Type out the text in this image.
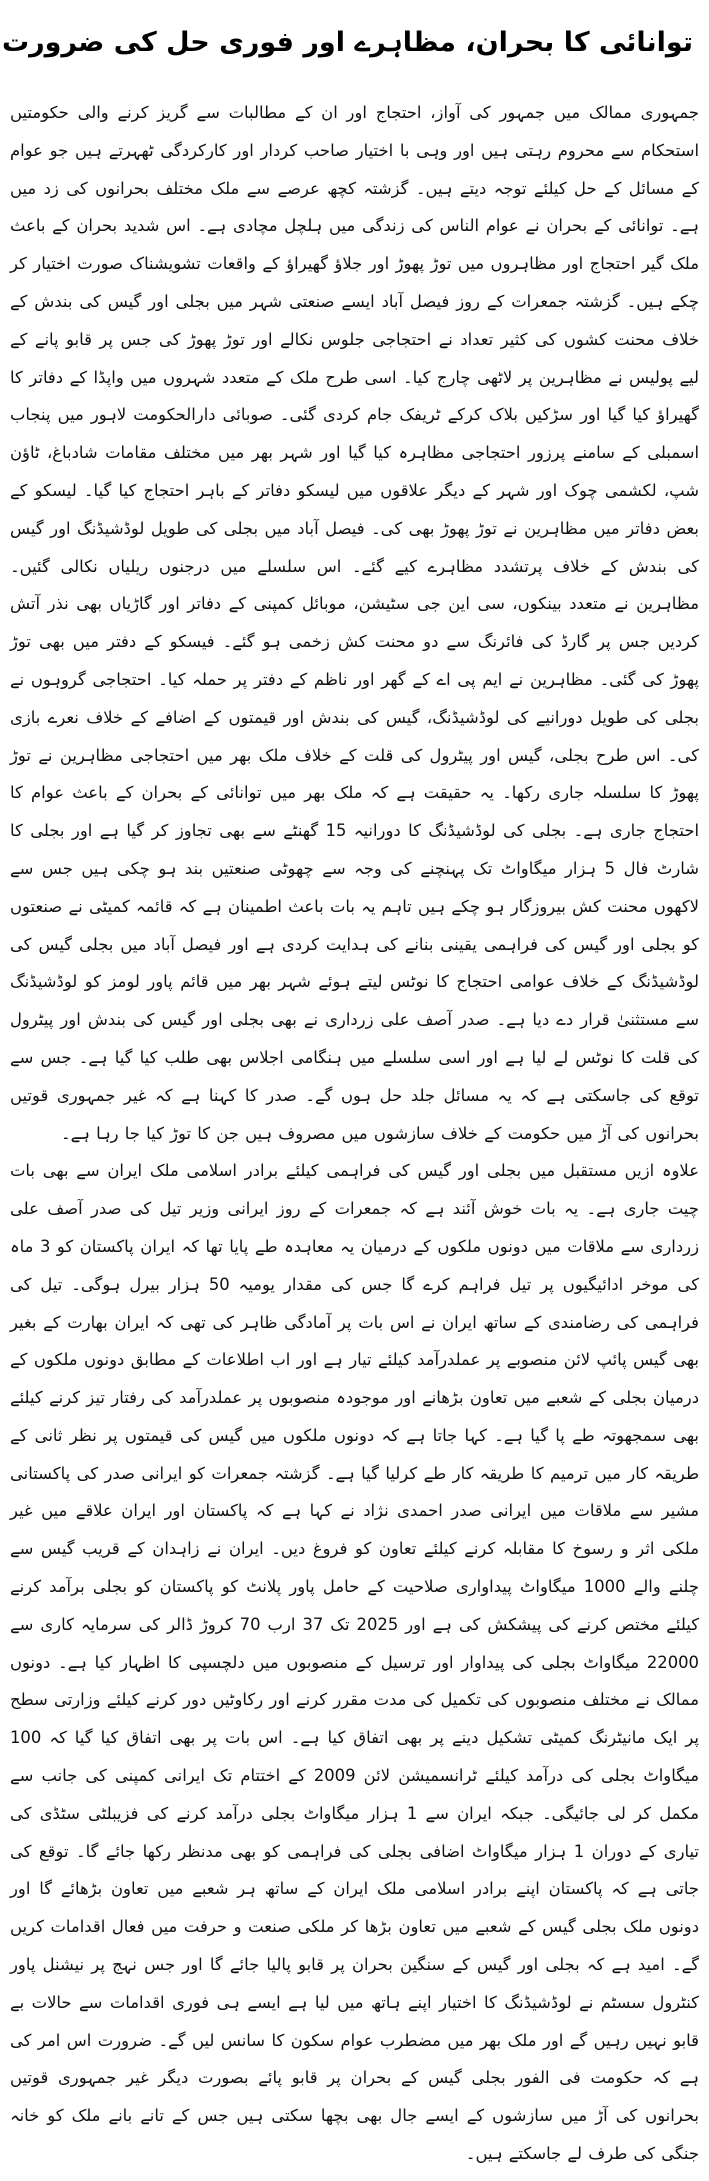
توانائی کا بحران، مظاہرے اور فوری حل کی ضرورت

جمہوری ممالک میں جمہور کی آواز، احتجاج اور ان کے مطالبات سے گریز کرنے والی حکومتیں استحکام سے محروم رہتی ہیں اور وہی با اختیار صاحب کردار اور کارکردگی ٹھہرتے ہیں جو عوام کے مسائل کے حل کیلئے توجہ دیتے ہیں۔ گزشتہ کچھ عرصے سے ملک مختلف بحرانوں کی زد میں ہے۔ توانائی کے بحران نے عوام الناس کی زندگی میں ہلچل مچادی ہے۔ اس شدید بحران کے باعث ملک گیر احتجاج اور مظاہروں میں توڑ پھوڑ اور جلاؤ گھیراؤ کے واقعات تشویشناک صورت اختیار کر چکے ہیں۔ گزشتہ جمعرات کے روز فیصل آباد ایسے صنعتی شہر میں بجلی اور گیس کی بندش کے خلاف محنت کشوں کی کثیر تعداد نے احتجاجی جلوس نکالے اور توڑ پھوڑ کی جس پر قابو پانے کے لیے پولیس نے مظاہرین پر لاٹھی چارج کیا۔ اسی طرح ملک کے متعدد شہروں میں واپڈا کے دفاتر کا گھیراؤ کیا گیا اور سڑکیں بلاک کرکے ٹریفک جام کردی گئی۔ صوبائی دارالحکومت لاہور میں پنجاب اسمبلی کے سامنے پرزور احتجاجی مظاہرہ کیا گیا اور شہر بھر میں مختلف مقامات شادباغ، ٹاؤن شپ، لکشمی چوک اور شہر کے دیگر علاقوں میں لیسکو دفاتر کے باہر احتجاج کیا گیا۔ لیسکو کے بعض دفاتر میں مظاہرین نے توڑ پھوڑ بھی کی۔ فیصل آباد میں بجلی کی طویل لوڈشیڈنگ اور گیس کی بندش کے خلاف پرتشدد مظاہرے کیے گئے۔ اس سلسلے میں درجنوں ریلیاں نکالی گئیں۔ مظاہرین نے متعدد بینکوں، سی این جی سٹیشن، موبائل کمپنی کے دفاتر اور گاڑیاں بھی نذر آتش کردیں جس پر گارڈ کی فائرنگ سے دو محنت کش زخمی ہو گئے۔ فیسکو کے دفتر میں بھی توڑ پھوڑ کی گئی۔ مظاہرین نے ایم پی اے کے گھر اور ناظم کے دفتر پر حملہ کیا۔ احتجاجی گروہوں نے بجلی کی طویل دورانیے کی لوڈشیڈنگ، گیس کی بندش اور قیمتوں کے اضافے کے خلاف نعرے بازی کی۔ اس طرح بجلی، گیس اور پیٹرول کی قلت کے خلاف ملک بھر میں احتجاجی مظاہرین نے توڑ پھوڑ کا سلسلہ جاری رکھا۔ یہ حقیقت ہے کہ ملک بھر میں توانائی کے بحران کے باعث عوام کا احتجاج جاری ہے۔ بجلی کی لوڈشیڈنگ کا دورانیہ 15 گھنٹے سے بھی تجاوز کر گیا ہے اور بجلی کا شارٹ فال 5 ہزار میگاواٹ تک پہنچنے کی وجہ سے چھوٹی صنعتیں بند ہو چکی ہیں جس سے لاکھوں محنت کش بیروزگار ہو چکے ہیں تاہم یہ بات باعث اطمینان ہے کہ قائمہ کمیٹی نے صنعتوں کو بجلی اور گیس کی فراہمی یقینی بنانے کی ہدایت کردی ہے اور فیصل آباد میں بجلی گیس کی لوڈشیڈنگ کے خلاف عوامی احتجاج کا نوٹس لیتے ہوئے شہر بھر میں قائم پاور لومز کو لوڈشیڈنگ سے مستثنیٰ قرار دے دیا ہے۔ صدر آصف علی زرداری نے بھی بجلی اور گیس کی بندش اور پیٹرول کی قلت کا نوٹس لے لیا ہے اور اسی سلسلے میں ہنگامی اجلاس بھی طلب کیا گیا ہے۔ جس سے توقع کی جاسکتی ہے کہ یہ مسائل جلد حل ہوں گے۔ صدر کا کہنا ہے کہ غیر جمہوری قوتیں بحرانوں کی آڑ میں حکومت کے خلاف سازشوں میں مصروف ہیں جن کا توڑ کیا جا رہا ہے۔

علاوہ ازیں مستقبل میں بجلی اور گیس کی فراہمی کیلئے برادر اسلامی ملک ایران سے بھی بات چیت جاری ہے۔ یہ بات خوش آئند ہے کہ جمعرات کے روز ایرانی وزیر تیل کی صدر آصف علی زرداری سے ملاقات میں دونوں ملکوں کے درمیان یہ معاہدہ طے پایا تھا کہ ایران پاکستان کو 3 ماہ کی موخر ادائیگیوں پر تیل فراہم کرے گا جس کی مقدار یومیہ 50 ہزار بیرل ہوگی۔ تیل کی فراہمی کی رضامندی کے ساتھ ایران نے اس بات پر آمادگی ظاہر کی تھی کہ ایران بھارت کے بغیر بھی گیس پائپ لائن منصوبے پر عملدرآمد کیلئے تیار ہے اور اب اطلاعات کے مطابق دونوں ملکوں کے درمیان بجلی کے شعبے میں تعاون بڑھانے اور موجودہ منصوبوں پر عملدرآمد کی رفتار تیز کرنے کیلئے بھی سمجھوتہ طے پا گیا ہے۔ کہا جاتا ہے کہ دونوں ملکوں میں گیس کی قیمتوں پر نظر ثانی کے طریقہ کار میں ترمیم کا طریقہ کار طے کرلیا گیا ہے۔ گزشتہ جمعرات کو ایرانی صدر کی پاکستانی مشیر سے ملاقات میں ایرانی صدر احمدی نژاد نے کہا ہے کہ پاکستان اور ایران علاقے میں غیر ملکی اثر و رسوخ کا مقابلہ کرنے کیلئے تعاون کو فروغ دیں۔ ایران نے زاہدان کے قریب گیس سے چلنے والے 1000 میگاواٹ پیداواری صلاحیت کے حامل پاور پلانٹ کو پاکستان کو بجلی برآمد کرنے کیلئے مختص کرنے کی پیشکش کی ہے اور 2025 تک 37 ارب 70 کروڑ ڈالر کی سرمایہ کاری سے 22000 میگاواٹ بجلی کی پیداوار اور ترسیل کے منصوبوں میں دلچسپی کا اظہار کیا ہے۔ دونوں ممالک نے مختلف منصوبوں کی تکمیل کی مدت مقرر کرنے اور رکاوٹیں دور کرنے کیلئے وزارتی سطح پر ایک مانیٹرنگ کمیٹی تشکیل دینے پر بھی اتفاق کیا ہے۔ اس بات پر بھی اتفاق کیا گیا کہ 100 میگاواٹ بجلی کی درآمد کیلئے ٹرانسمیشن لائن 2009 کے اختتام تک ایرانی کمپنی کی جانب سے مکمل کر لی جائیگی۔ جبکہ ایران سے 1 ہزار میگاواٹ بجلی درآمد کرنے کی فزیبلٹی سٹڈی کی تیاری کے دوران 1 ہزار میگاواٹ اضافی بجلی کی فراہمی کو بھی مدنظر رکھا جائے گا۔ توقع کی جاتی ہے کہ پاکستان اپنے برادر اسلامی ملک ایران کے ساتھ ہر شعبے میں تعاون بڑھائے گا اور دونوں ملک بجلی گیس کے شعبے میں تعاون بڑھا کر ملکی صنعت و حرفت میں فعال اقدامات کریں گے۔ امید ہے کہ بجلی اور گیس کے سنگین بحران پر قابو پالیا جائے گا اور جس نہج پر نیشنل پاور کنٹرول سسٹم نے لوڈشیڈنگ کا اختیار اپنے ہاتھ میں لیا ہے ایسے ہی فوری اقدامات سے حالات بے قابو نہیں رہیں گے اور ملک بھر میں مضطرب عوام سکون کا سانس لیں گے۔ ضرورت اس امر کی ہے کہ حکومت فی الفور بجلی گیس کے بحران پر قابو پائے بصورت دیگر غیر جمہوری قوتیں بحرانوں کی آڑ میں سازشوں کے ایسے جال بھی بچھا سکتی ہیں جس کے تانے بانے ملک کو خانہ جنگی کی طرف لے جاسکتے ہیں۔
